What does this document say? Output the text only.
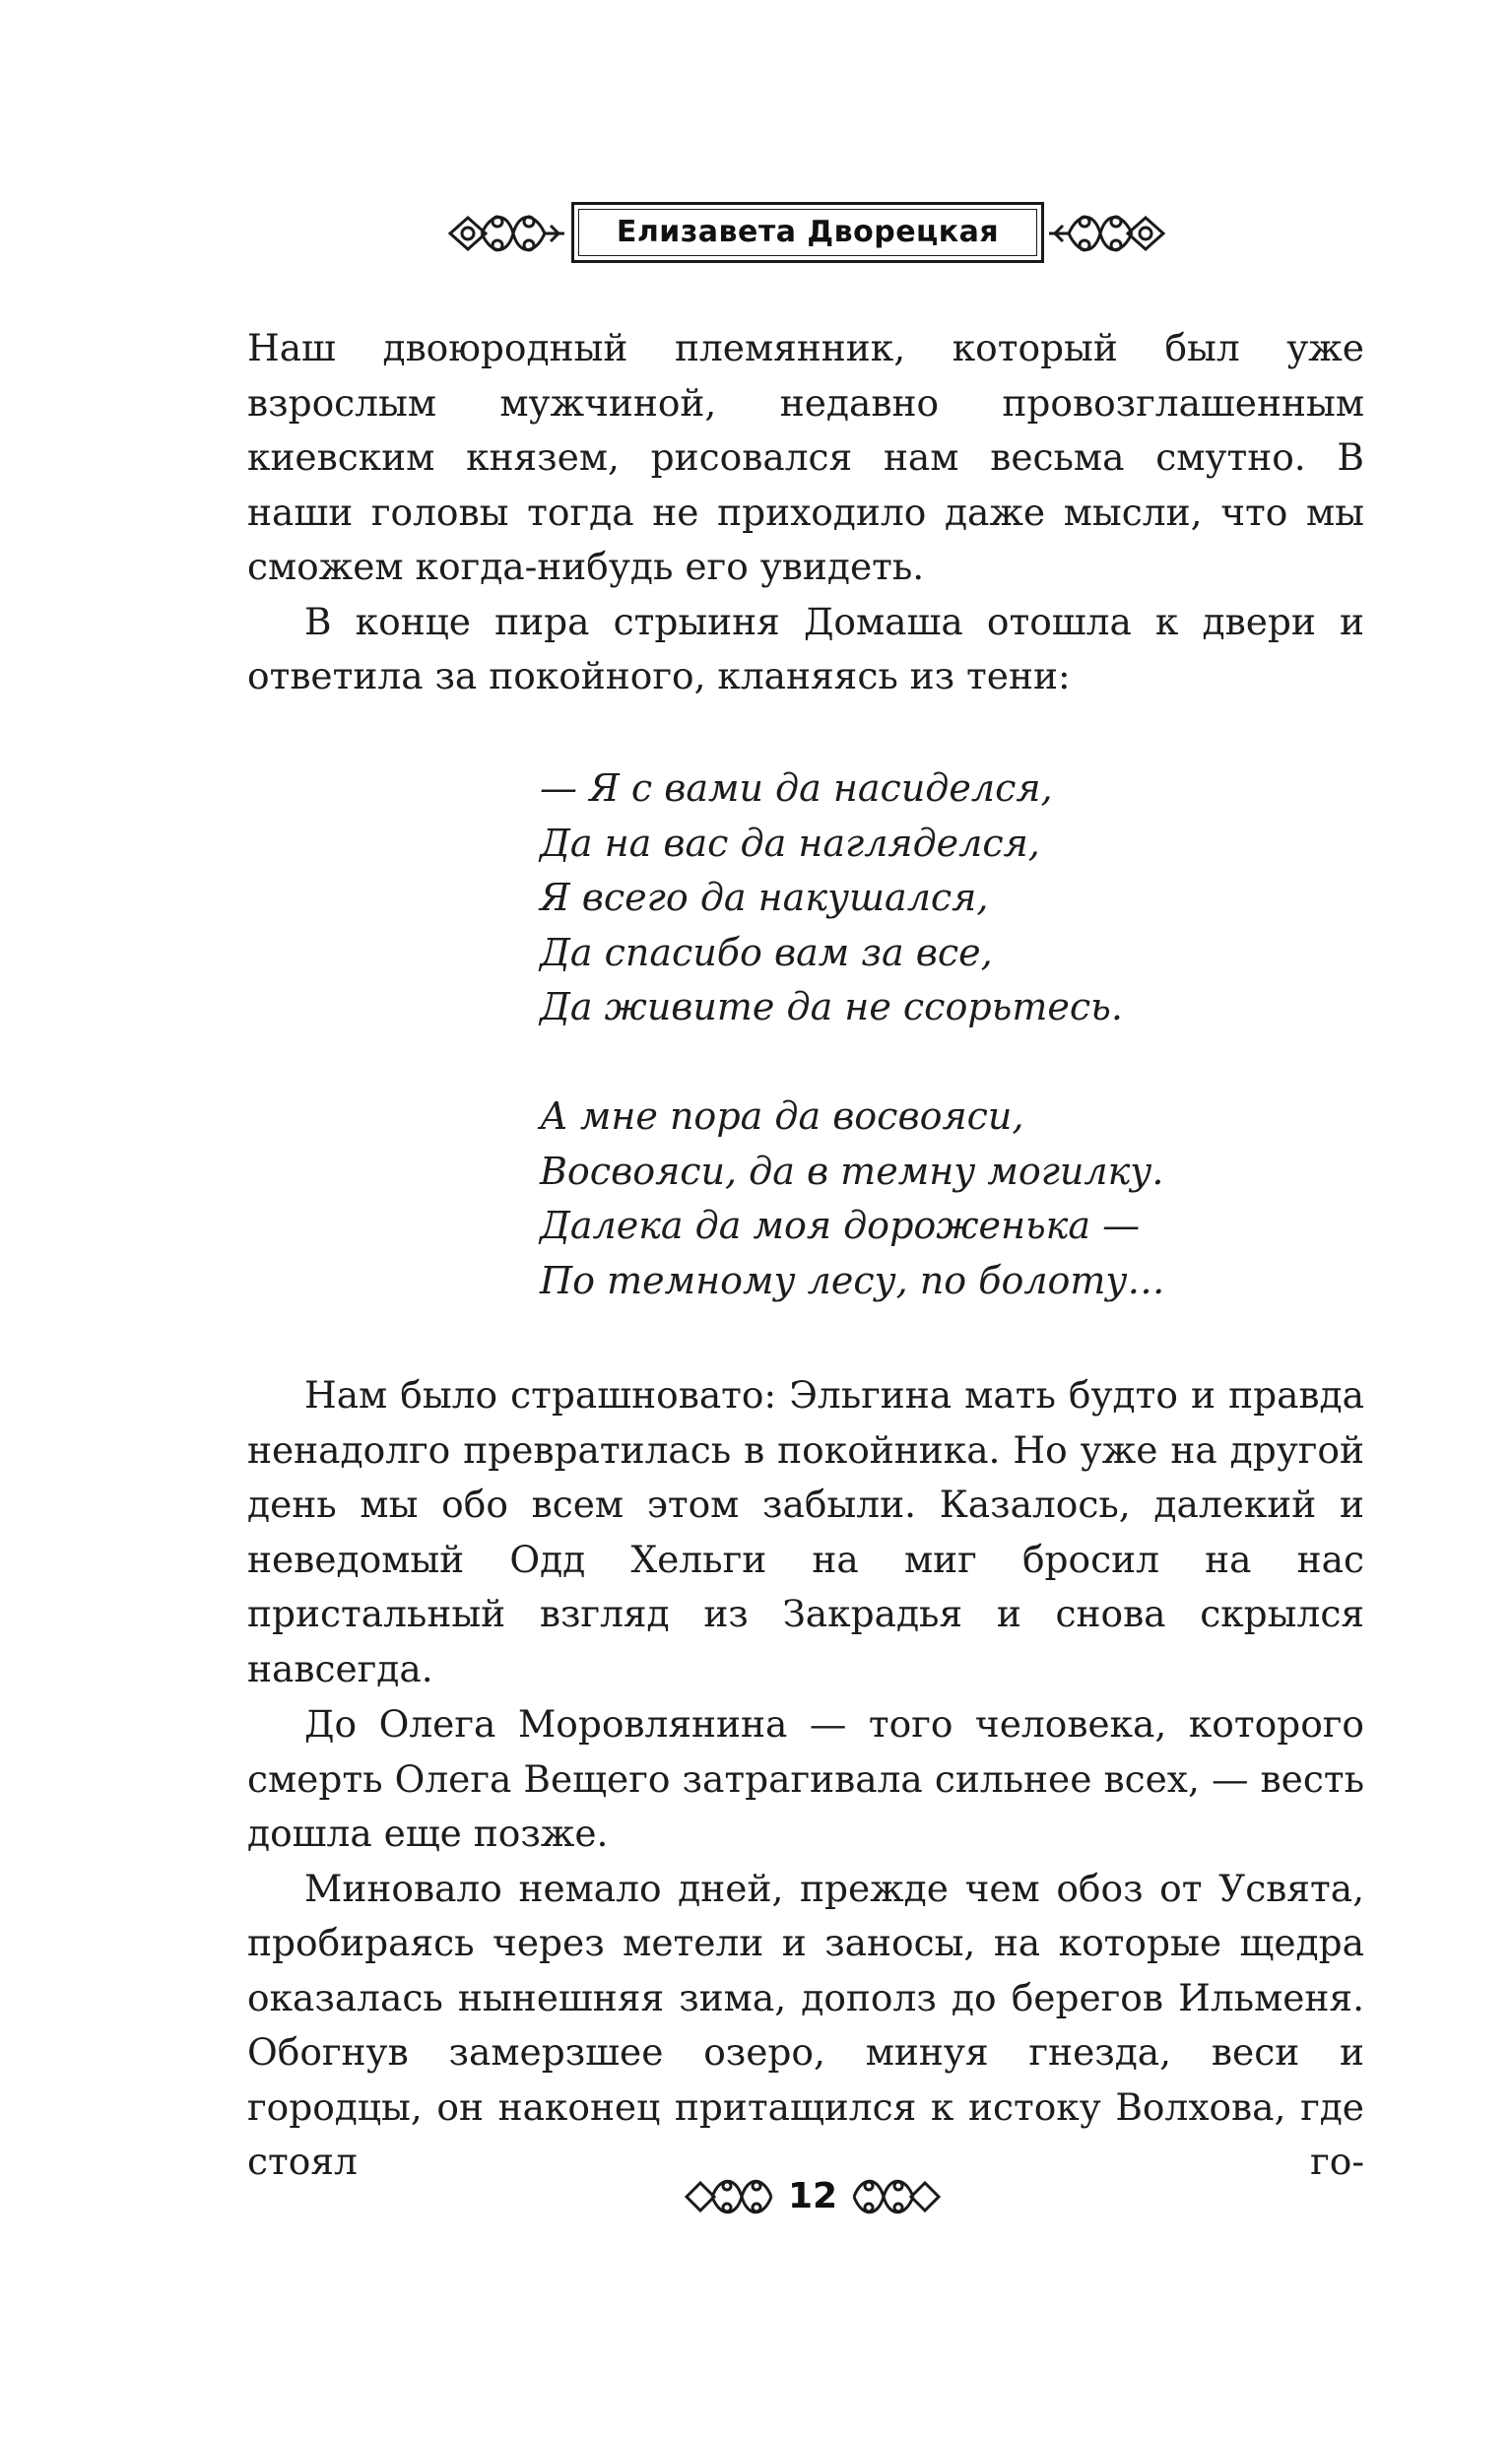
Елизавета Дворецкая

Наш двоюродный племянник, который был уже взрослым мужчиной, недавно провозглашенным киевским князем, рисовался нам весьма смутно. В наши головы тогда не приходило даже мысли, что мы сможем когда-нибудь его увидеть.

В конце пира стрыиня Домаша отошла к двери и ответила за покойного, кланяясь из тени:

— Я с вами да насиделся,
Да на вас да нагляделся,
Я всего да накушался,
Да спасибо вам за все,
Да живите да не ссорьтесь.
А мне пора да восвояси,
Восвояси, да в темну могилку.
Далека да моя дороженька —
По темному лесу, по болоту…

Нам было страшновато: Эльгина мать будто и правда ненадолго превратилась в покойника. Но уже на другой день мы обо всем этом забыли. Казалось, далекий и неведомый Одд Хельги на миг бросил на нас пристальный взгляд из Закрадья и снова скрылся навсегда.

До Олега Моровлянина — того человека, которого смерть Олега Вещего затрагивала сильнее всех, — весть дошла еще позже.

Миновало немало дней, прежде чем обоз от Усвята, пробираясь через метели и заносы, на которые щедра оказалась нынешняя зима, дополз до берегов Ильменя. Обогнув замерзшее озеро, минуя гнезда, веси и городцы, он наконец притащился к истоку Волхова, где стоял го-

12
